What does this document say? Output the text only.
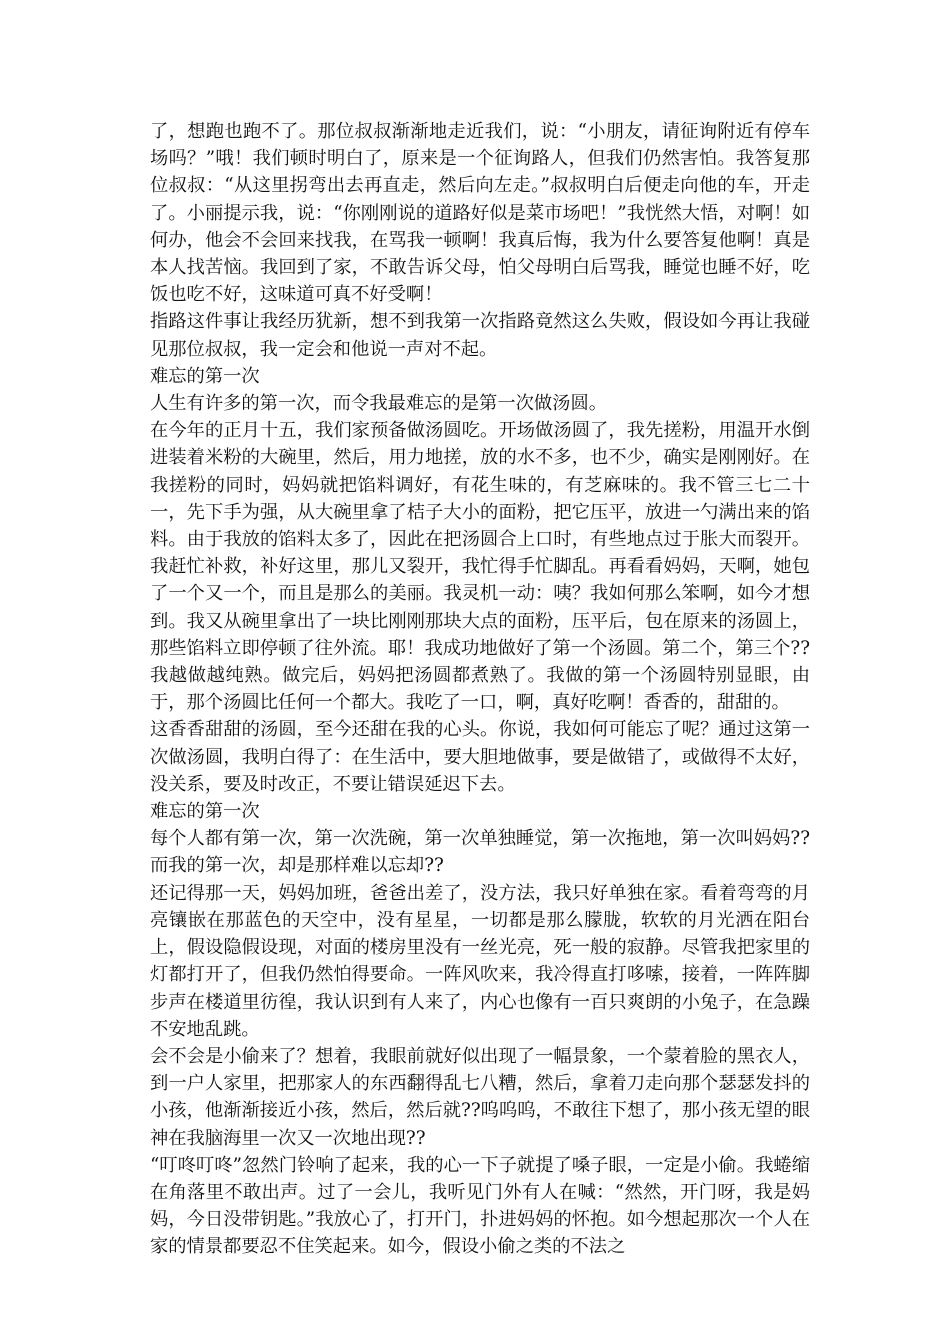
了，想跑也跑不了。那位叔叔渐渐地走近我们，说：“小朋友，请征询附近有停车场吗？”哦！我们顿时明白了，原来是一个征询路人，但我们仍然害怕。我答复那位叔叔：“从这里拐弯出去再直走，然后向左走。”叔叔明白后便走向他的车，开走了。小丽提示我，说：“你刚刚说的道路好似是菜市场吧！”我恍然大悟，对啊！如何办，他会不会回来找我，在骂我一顿啊！我真后悔，我为什么要答复他啊！真是本人找苦恼。我回到了家，不敢告诉父母，怕父母明白后骂我，睡觉也睡不好，吃饭也吃不好，这味道可真不好受啊！

指路这件事让我经历犹新，想不到我第一次指路竟然这么失败，假设如今再让我碰见那位叔叔，我一定会和他说一声对不起。

难忘的第一次

人生有许多的第一次，而令我最难忘的是第一次做汤圆。

在今年的正月十五，我们家预备做汤圆吃。开场做汤圆了，我先搓粉，用温开水倒进装着米粉的大碗里，然后，用力地搓，放的水不多，也不少，确实是刚刚好。在我搓粉的同时，妈妈就把馅料调好，有花生味的，有芝麻味的。我不管三七二十一，先下手为强，从大碗里拿了桔子大小的面粉，把它压平，放进一勺满出来的馅料。由于我放的馅料太多了，因此在把汤圆合上口时，有些地点过于胀大而裂开。我赶忙补救，补好这里，那儿又裂开，我忙得手忙脚乱。再看看妈妈，天啊，她包了一个又一个，而且是那么的美丽。我灵机一动：咦？我如何那么笨啊，如今才想到。我又从碗里拿出了一块比刚刚那块大点的面粉，压平后，包在原来的汤圆上，那些馅料立即停顿了往外流。耶！我成功地做好了第一个汤圆。第二个，第三个??我越做越纯熟。做完后，妈妈把汤圆都煮熟了。我做的第一个汤圆特别显眼，由于，那个汤圆比任何一个都大。我吃了一口，啊，真好吃啊！香香的，甜甜的。

这香香甜甜的汤圆，至今还甜在我的心头。你说，我如何可能忘了呢？通过这第一次做汤圆，我明白得了：在生活中，要大胆地做事，要是做错了，或做得不太好，没关系，要及时改正，不要让错误延迟下去。

难忘的第一次

每个人都有第一次，第一次洗碗，第一次单独睡觉，第一次拖地，第一次叫妈妈??而我的第一次，却是那样难以忘却??

还记得那一天，妈妈加班，爸爸出差了，没方法，我只好单独在家。看着弯弯的月亮镶嵌在那蓝色的天空中，没有星星，一切都是那么朦胧，软软的月光洒在阳台上，假设隐假设现，对面的楼房里没有一丝光亮，死一般的寂静。尽管我把家里的灯都打开了，但我仍然怕得要命。一阵风吹来，我冷得直打哆嗦，接着，一阵阵脚步声在楼道里彷徨，我认识到有人来了，内心也像有一百只爽朗的小兔子，在急躁不安地乱跳。

会不会是小偷来了？想着，我眼前就好似出现了一幅景象，一个蒙着脸的黑衣人，到一户人家里，把那家人的东西翻得乱七八糟，然后，拿着刀走向那个瑟瑟发抖的小孩，他渐渐接近小孩，然后，然后就??呜呜呜，不敢往下想了，那小孩无望的眼神在我脑海里一次又一次地出现??

“叮咚叮咚”忽然门铃响了起来，我的心一下子就提了嗓子眼，一定是小偷。我蜷缩在角落里不敢出声。过了一会儿，我听见门外有人在喊：“然然，开门呀，我是妈妈，今日没带钥匙。”我放心了，打开门，扑进妈妈的怀抱。如今想起那次一个人在家的情景都要忍不住笑起来。如今，假设小偷之类的不法之
